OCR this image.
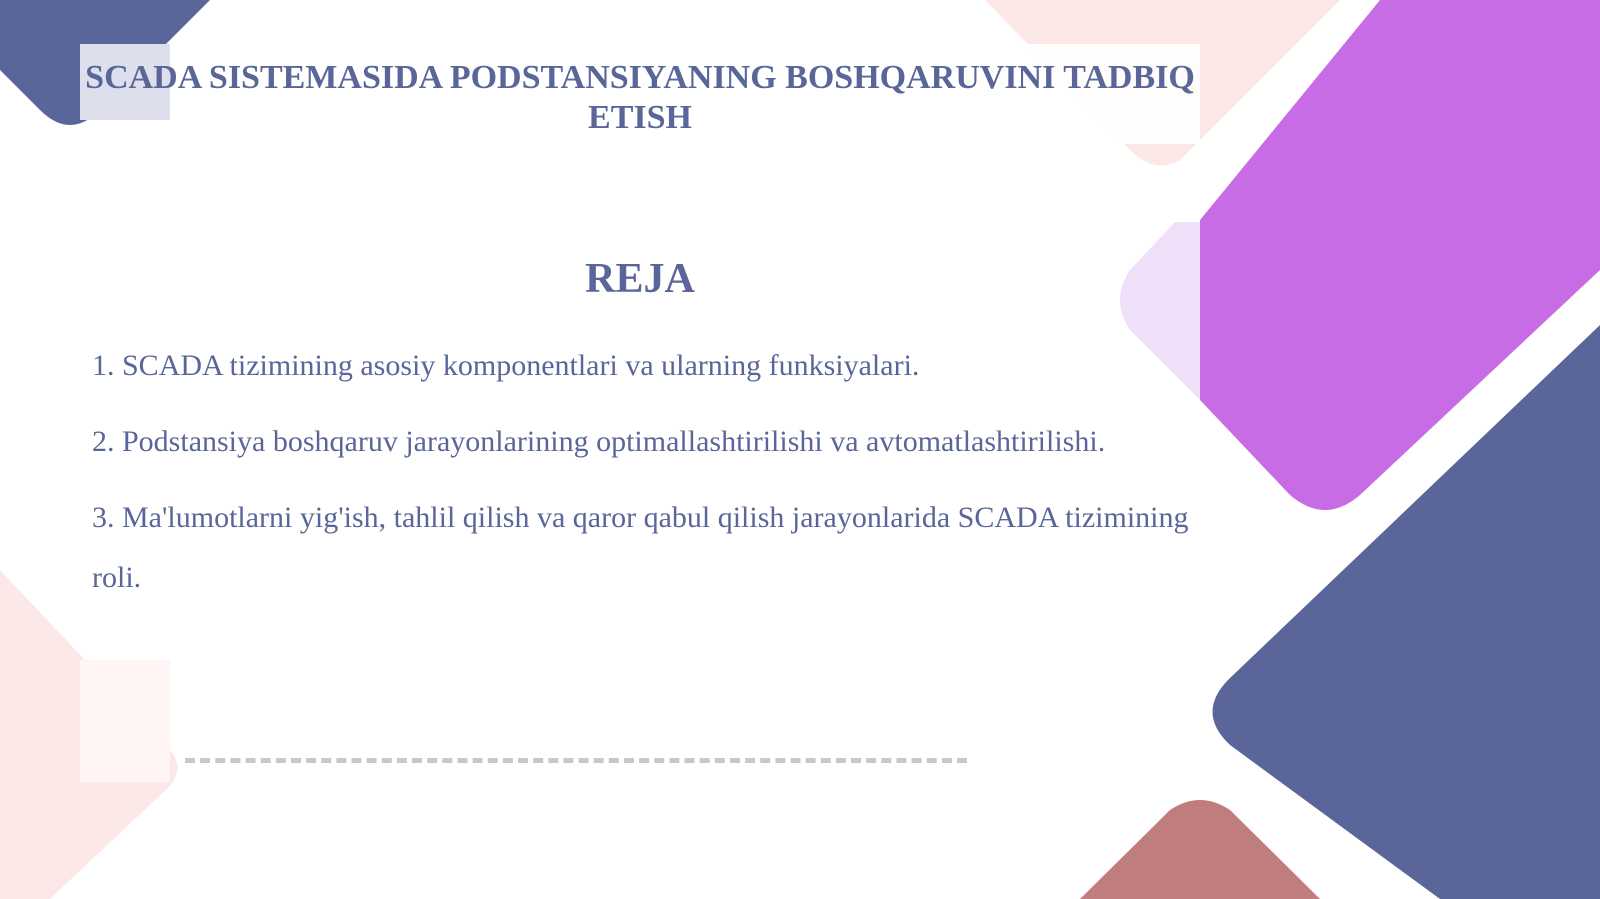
SCADA SISTEMASIDA PODSTANSIYANING BOSHQARUVINI TADBIQ ETISH
REJA
1. SCADA tizimining asosiy komponentlari va ularning funksiyalari.
2. Podstansiya boshqaruv jarayonlarining optimallashtirilishi va avtomatlashtirilishi.
3. Ma'lumotlarni yig'ish, tahlil qilish va qaror qabul qilish jarayonlarida SCADA tizimining roli.
